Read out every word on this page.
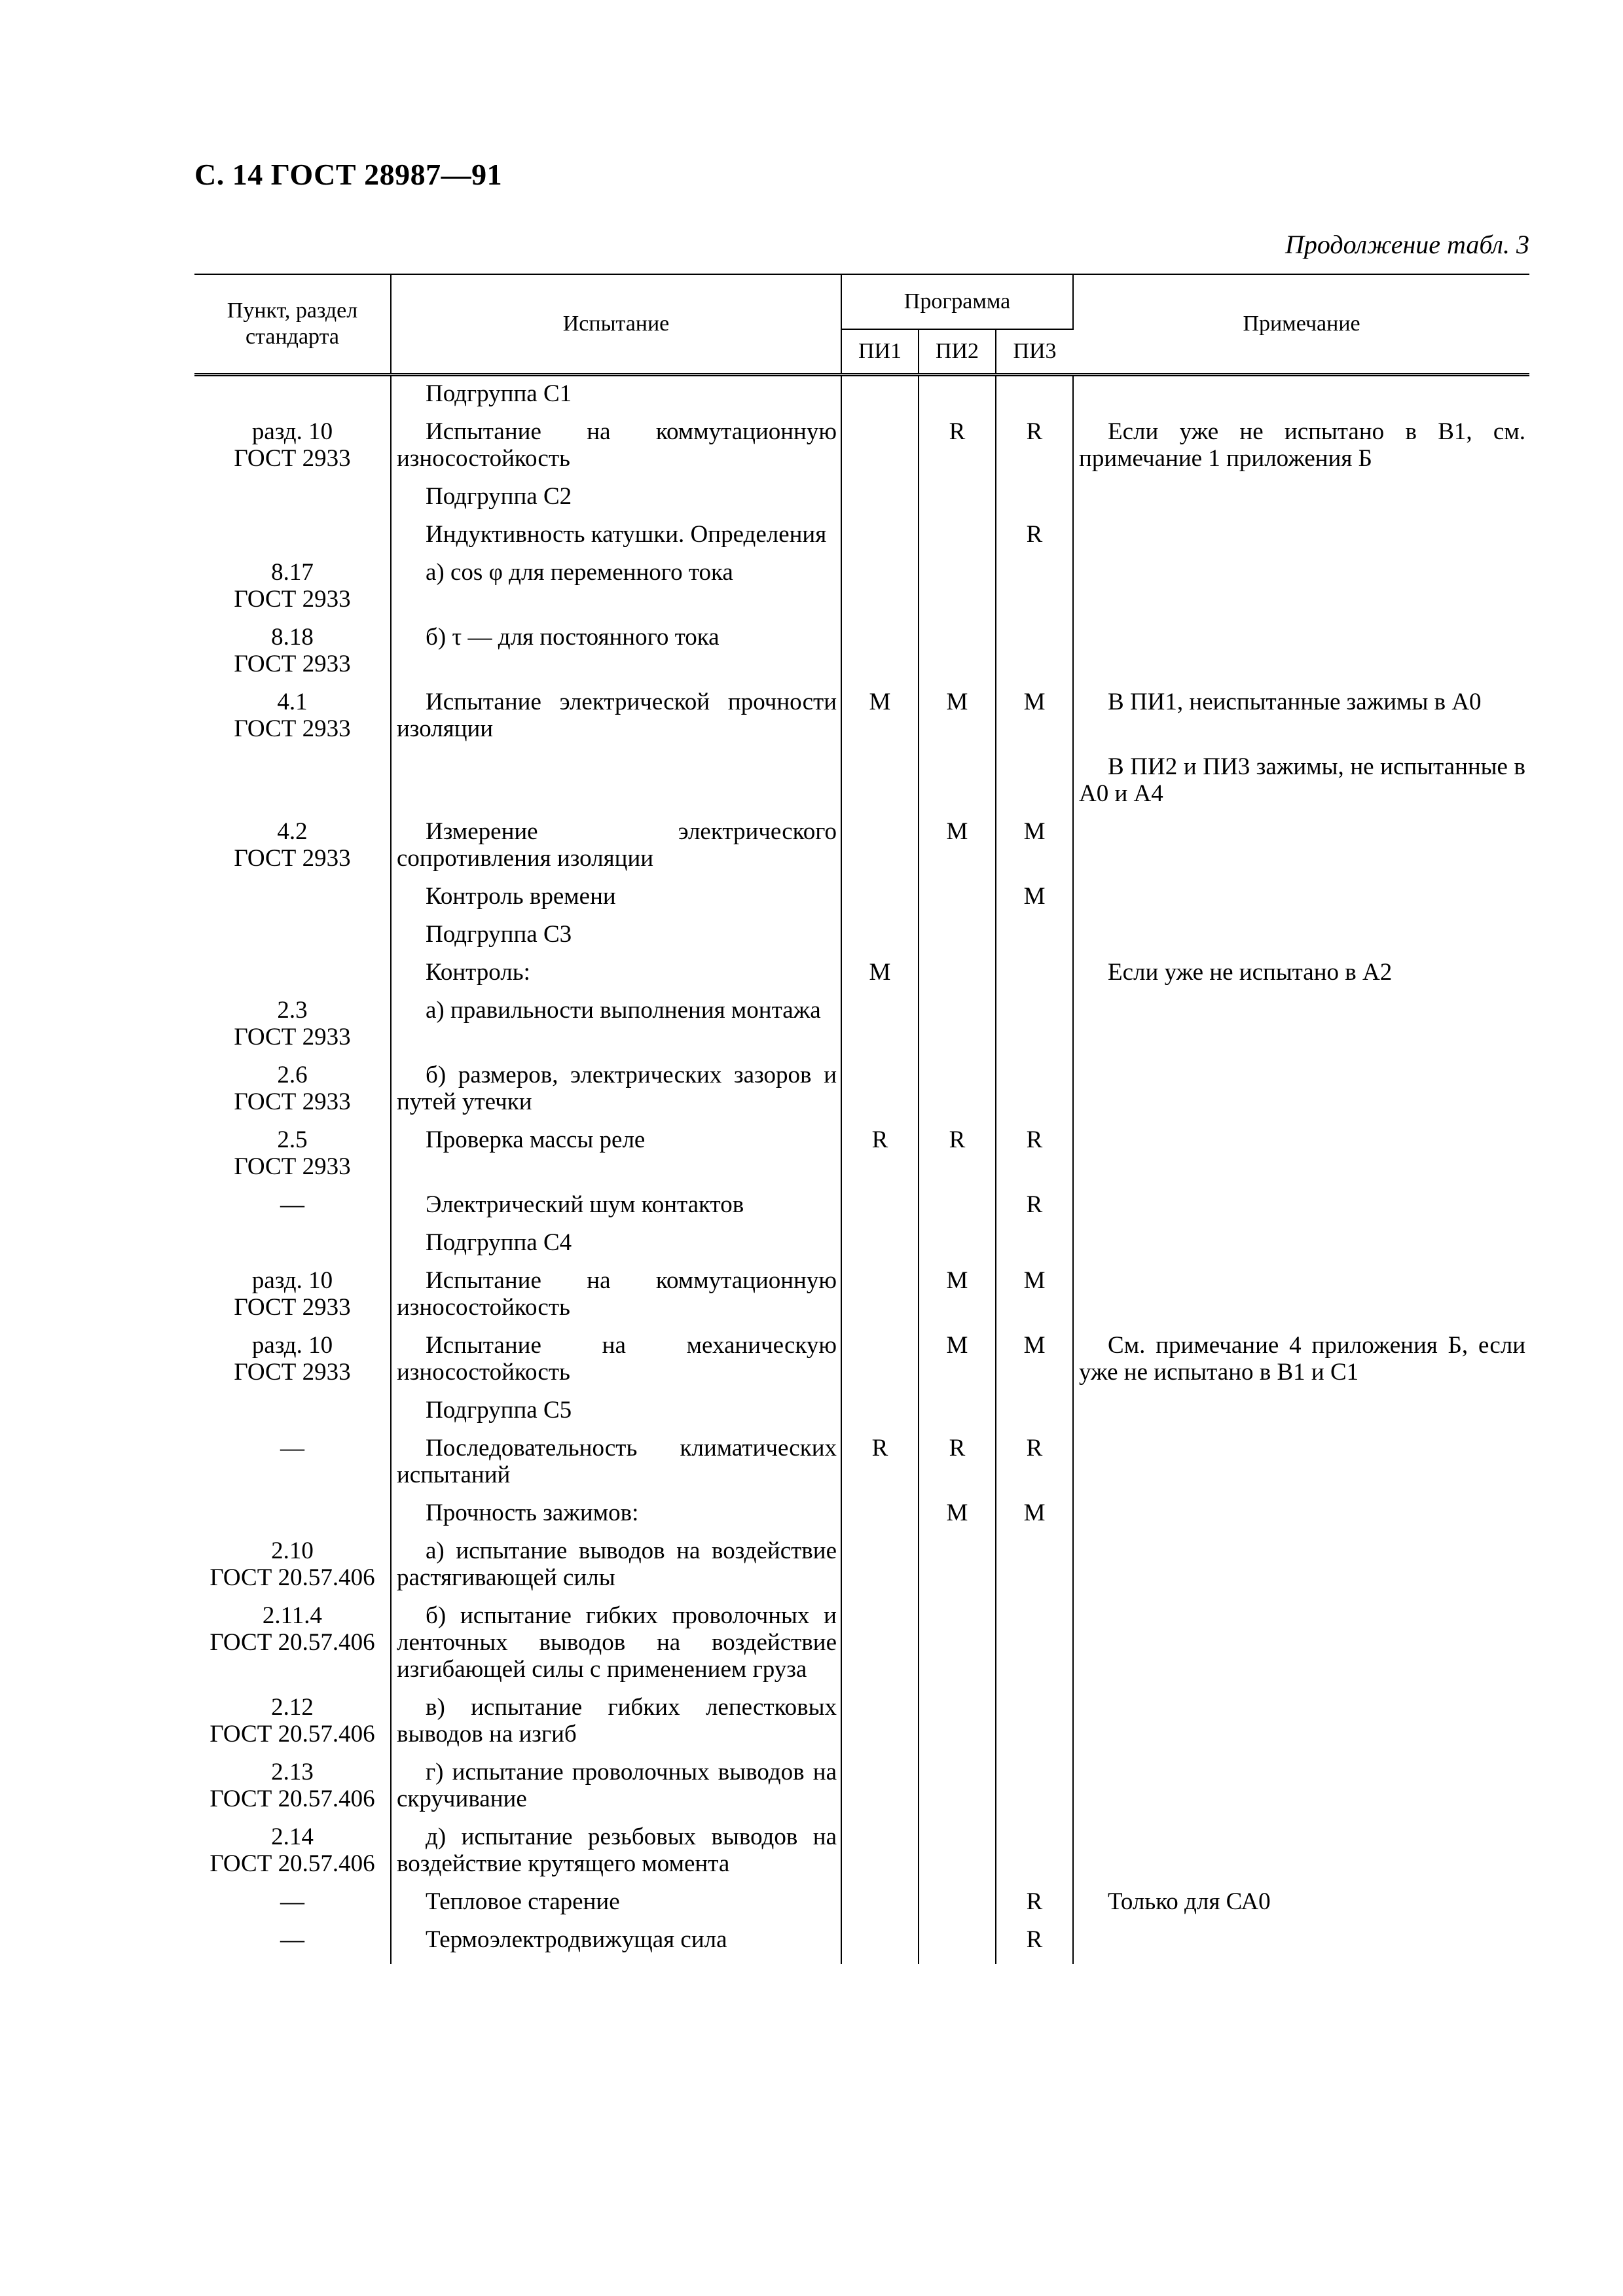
С. 14 ГОСТ 28987—91
Продолжение табл. 3
Пункт, раздел стандарта	Испытание	Программа			Примечание
		ПИ1	ПИ2	ПИ3	
	Подгруппа С1				
разд. 10
ГОСТ 2933	Испытание на коммутационную износостойкость		R	R	Если уже не испытано в В1, см. примечание 1 приложения Б
	Подгруппа С2				
	Индуктивность катушки. Определения			R	
8.17
ГОСТ 2933	а) cos φ для переменного тока				
8.18
ГОСТ 2933	б) τ — для постоянного тока				
4.1
ГОСТ 2933	Испытание электрической прочности изоляции	М	М	М	В ПИ1, неиспытанные зажимы в А0
					В ПИ2 и ПИ3 зажимы, не испытанные в А0 и А4
4.2
ГОСТ 2933	Измерение электрического сопротивления изоляции		М	М	
	Контроль времени			М	
	Подгруппа С3				
	Контроль:	М			Если уже не испытано в А2
2.3
ГОСТ 2933	а) правильности выполнения монтажа				
2.6
ГОСТ 2933	б) размеров, электрических зазоров и путей утечки				
2.5
ГОСТ 2933	Проверка массы реле	R	R	R	
—	Электрический шум контактов			R	
	Подгруппа С4				
разд. 10
ГОСТ 2933	Испытание на коммутационную износостойкость		М	М	
разд. 10
ГОСТ 2933	Испытание на механическую износостойкость		М	М	См. примечание 4 приложения Б, если уже не испытано в В1 и С1
	Подгруппа С5				
—	Последовательность климатических испытаний	R	R	R	
	Прочность зажимов:		М	М	
2.10
ГОСТ 20.57.406	а) испытание выводов на воздействие растягивающей силы				
2.11.4
ГОСТ 20.57.406	б) испытание гибких проволочных и ленточных выводов на воздействие изгибающей силы с применением груза				
2.12
ГОСТ 20.57.406	в) испытание гибких лепестковых выводов на изгиб				
2.13
ГОСТ 20.57.406	г) испытание проволочных выводов на скручивание				
2.14
ГОСТ 20.57.406	д) испытание резьбовых выводов на воздействие крутящего момента				
—	Тепловое старение			R	Только для СА0
—	Термоэлектродвижущая сила			R	
